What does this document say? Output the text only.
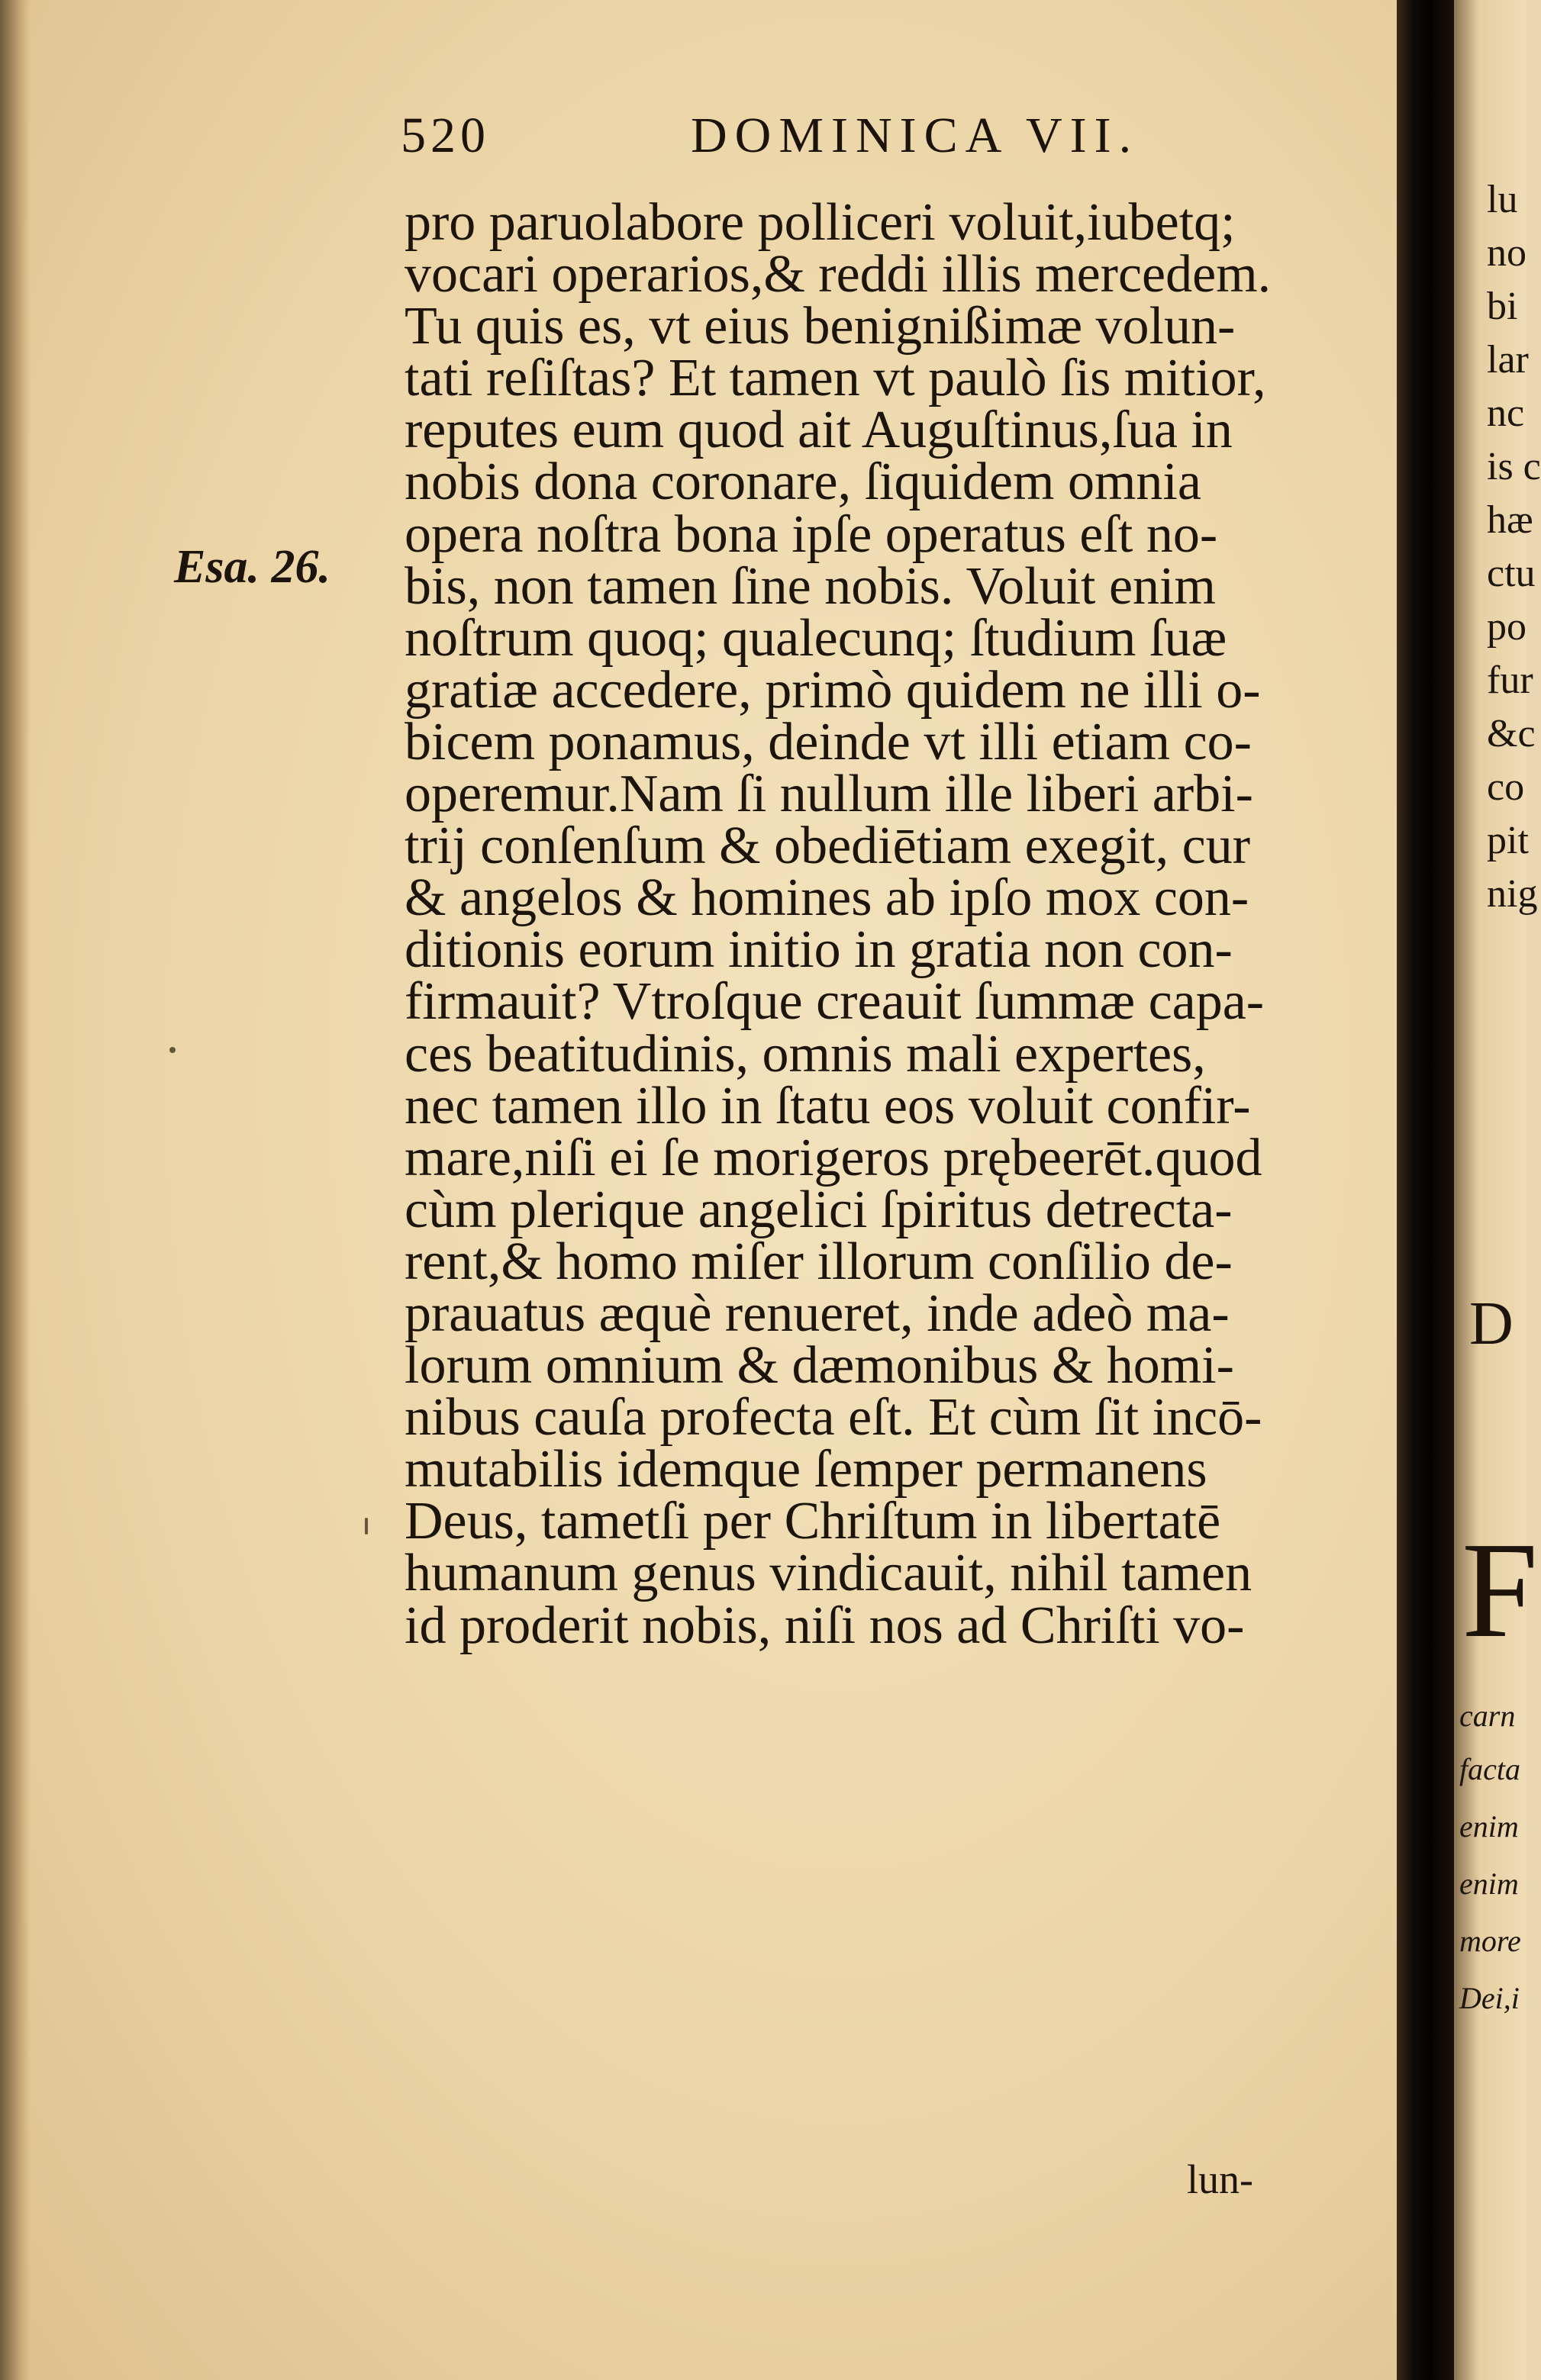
520	DOMINICA VII.
Esa. 26.
pro paruolabore polliceri voluit,iubetq;
vocari operarios,& reddi illis mercedem.
Tu quis es, vt eius benignißimæ volun-
tati reſiſtas? Et tamen vt paulò ſis mitior,
reputes eum quod ait Auguſtinus,ſua in
nobis dona coronare, ſiquidem omnia
opera noſtra bona ipſe operatus eſt no-
bis, non tamen ſine nobis. Voluit enim
noſtrum quoq; qualecunq; ſtudium ſuæ
gratiæ accedere, primò quidem ne illi o-
bicem ponamus, deinde vt illi etiam co-
operemur.Nam ſi nullum ille liberi arbi-
trij conſenſum & obediētiam exegit, cur
& angelos & homines ab ipſo mox con-
ditionis eorum initio in gratia non con-
firmauit? Vtroſque creauit ſummæ capa-
ces beatitudinis, omnis mali expertes,
nec tamen illo in ſtatu eos voluit confir-
mare,niſi ei ſe morigeros prębeerēt.quod
cùm plerique angelici ſpiritus detrecta-
rent,& homo miſer illorum conſilio de-
prauatus æquè renueret, inde adeò ma-
lorum omnium & dæmonibus & homi-
nibus cauſa profecta eſt. Et cùm ſit incō-
mutabilis idemque ſemper permanens
Deus, tametſi per Chriſtum in libertatē
humanum genus vindicauit, nihil tamen
id proderit nobis, niſi nos ad Chriſti vo-
lun-
lu
no
bi
lar
nc
is c
hæ
ctu
po
fur
&c
co
pit
nig
D
F
carn
facta
enim
enim
more
Dei,i
